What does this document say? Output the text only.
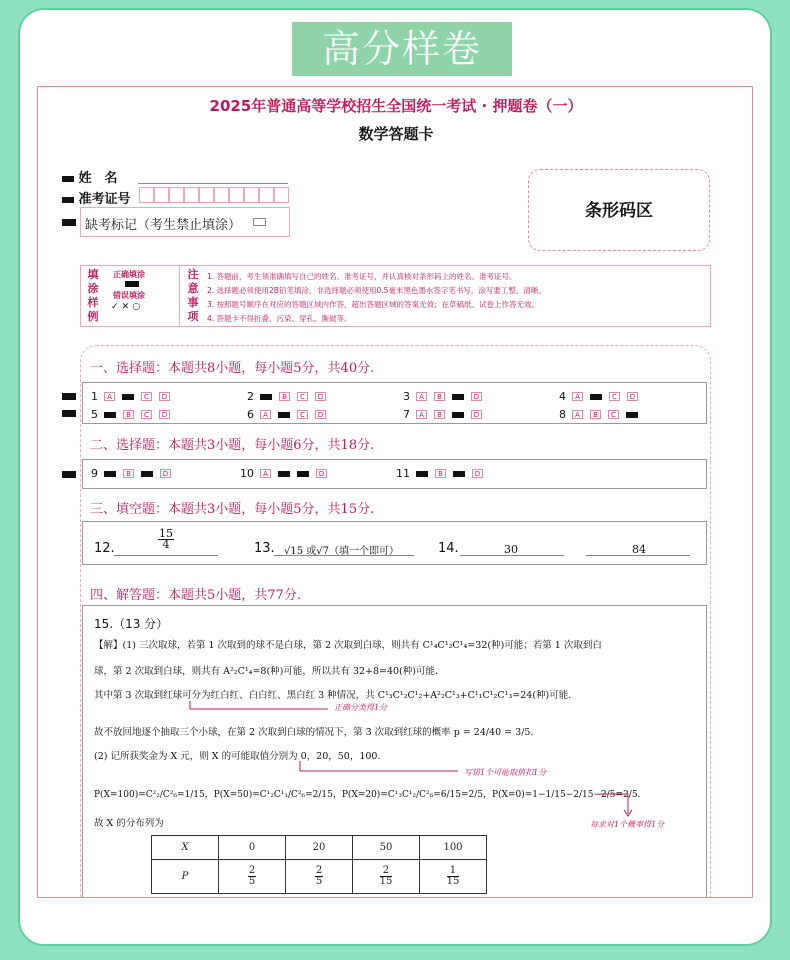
高分样卷
2025年普通高等学校招生全国统一考试 · 押题卷（一）
数学答题卡
姓　名
准考证号
缺考标记（考生禁止填涂）
条形码区
填
涂
样
例
正确填涂
错误填涂
✓ ✕ ○
注
意
事
项
1. 答题前，考生须准确填写自己的姓名、准考证号，并认真核对条形码上的姓名、准考证号。
2. 选择题必须使用2B铅笔填涂，非选择题必须使用0.5毫米黑色墨水签字笔书写，涂写要工整、清晰。
3. 按照题号顺序在对应的答题区域内作答，超出答题区域的答案无效；在草稿纸、试卷上作答无效。
4. 答题卡不得折叠、污染、穿孔、撕破等。
一、选择题：本题共8小题，每小题5分，共40分.
二、选择题：本题共3小题，每小题6分，共18分.
三、填空题：本题共3小题，每小题5分，共15分.
12.	$\frac{15}{4}$	13. √15 或√7（填一个即可）	14.	30	84
四、解答题：本题共5小题，共77分.
15.（13 分）
【解】(1) 三次取球，若第 1 次取到的球不是白球，第 2 次取到白球，则共有 C¹₄C¹₂C¹₄=32(种)可能；若第 1 次取到白
球，第 2 次取到白球，则共有 A²₂C¹₄=8(种)可能，所以共有 32+8=40(种)可能.
其中第 3 次取到红球可分为红白红、白白红、黑白红 3 种情况，共 C¹₃C¹₂C¹₂+A²₂C¹₃+C¹₁C¹₂C¹₃=24(种)可能.
正确分类得1分
故不放回地逐个抽取三个小球，在第 2 次取到白球的情况下，第 3 次取到红球的概率 p = 24/40 = 3/5.
(2) 记所获奖金为 X 元，则 X 的可能取值分别为 0，20，50，100.
写错1个可能取值扣1分
P(X=100)=C²₂/C²₆=1/15，P(X=50)=C¹₂C¹₁/C²₆=2/15，P(X=20)=C¹₃C¹₂/C²₆=6/15=2/5，P(X=0)=1−1/15−2/15−2/5=2/5.
每求对1个概率得1分
故 X 的分布列为
X	0	20	50	100
P	$\frac{2}{5}$	$\frac{2}{5}$	$\frac{2}{15}$	$\frac{1}{15}$
1	A	C	D	2	B	C	D	3	A	B	D	4	A	C	D
5	B	C	D	6	A	C	D	7	A	B	D	8	A	B	C
9	B	D	10	A	D	11	B	D
